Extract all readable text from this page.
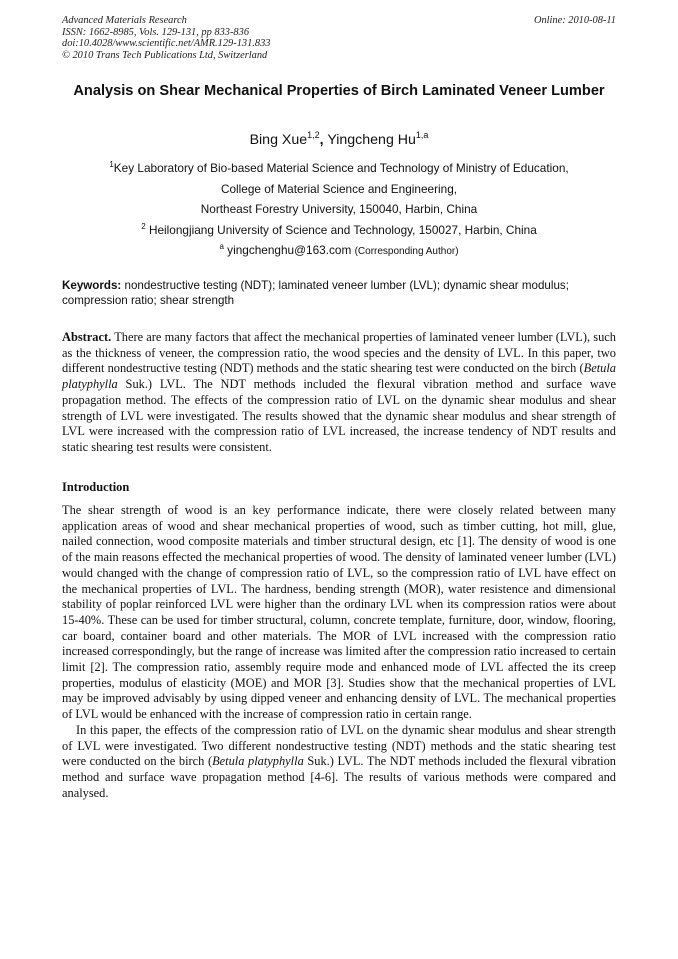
Advanced Materials Research
ISSN: 1662-8985, Vols. 129-131, pp 833-836
doi:10.4028/www.scientific.net/AMR.129-131.833
© 2010 Trans Tech Publications Ltd, Switzerland
Online: 2010-08-11
Analysis on Shear Mechanical Properties of Birch Laminated Veneer Lumber
Bing Xue$^{1,2}$, Yingcheng Hu$^{1,a}$
$^1$Key Laboratory of Bio-based Material Science and Technology of Ministry of Education,
College of Material Science and Engineering,
Northeast Forestry University, 150040, Harbin, China
$^2$ Heilongjiang University of Science and Technology, 150027, Harbin, China
$^a$ yingchenghu@163.com (Corresponding Author)
Keywords: nondestructive testing (NDT); laminated veneer lumber (LVL); dynamic shear modulus; compression ratio; shear strength
Abstract. There are many factors that affect the mechanical properties of laminated veneer lumber (LVL), such as the thickness of veneer, the compression ratio, the wood species and the density of LVL. In this paper, two different nondestructive testing (NDT) methods and the static shearing test were conducted on the birch (Betula platyphylla Suk.) LVL. The NDT methods included the flexural vibration method and surface wave propagation method. The effects of the compression ratio of LVL on the dynamic shear modulus and shear strength of LVL were investigated. The results showed that the dynamic shear modulus and shear strength of LVL were increased with the compression ratio of LVL increased, the increase tendency of NDT results and static shearing test results were consistent.
Introduction

The shear strength of wood is an key performance indicate, there were closely related between many application areas of wood and shear mechanical properties of wood, such as timber cutting, hot mill, glue, nailed connection, wood composite materials and timber structural design, etc [1]. The density of wood is one of the main reasons effected the mechanical properties of wood. The density of laminated veneer lumber (LVL) would changed with the change of compression ratio of LVL, so the compression ratio of LVL have effect on the mechanical properties of LVL. The hardness, bending strength (MOR), water resistence and dimensional stability of poplar reinforced LVL were higher than the ordinary LVL when its compression ratios were about 15-40%. These can be used for timber structural, column, concrete template, furniture, door, window, flooring, car board, container board and other materials. The MOR of LVL increased with the compression ratio increased correspondingly, but the range of increase was limited after the compression ratio increased to certain limit [2]. The compression ratio, assembly require mode and enhanced mode of LVL affected the its creep properties, modulus of elasticity (MOE) and MOR [3]. Studies show that the mechanical properties of LVL may be improved advisably by using dipped veneer and enhancing density of LVL. The mechanical properties of LVL would be enhanced with the increase of compression ratio in certain range.

In this paper, the effects of the compression ratio of LVL on the dynamic shear modulus and shear strength of LVL were investigated. Two different nondestructive testing (NDT) methods and the static shearing test were conducted on the birch (Betula platyphylla Suk.) LVL. The NDT methods included the flexural vibration method and surface wave propagation method [4-6]. The results of various methods were compared and analysed.
